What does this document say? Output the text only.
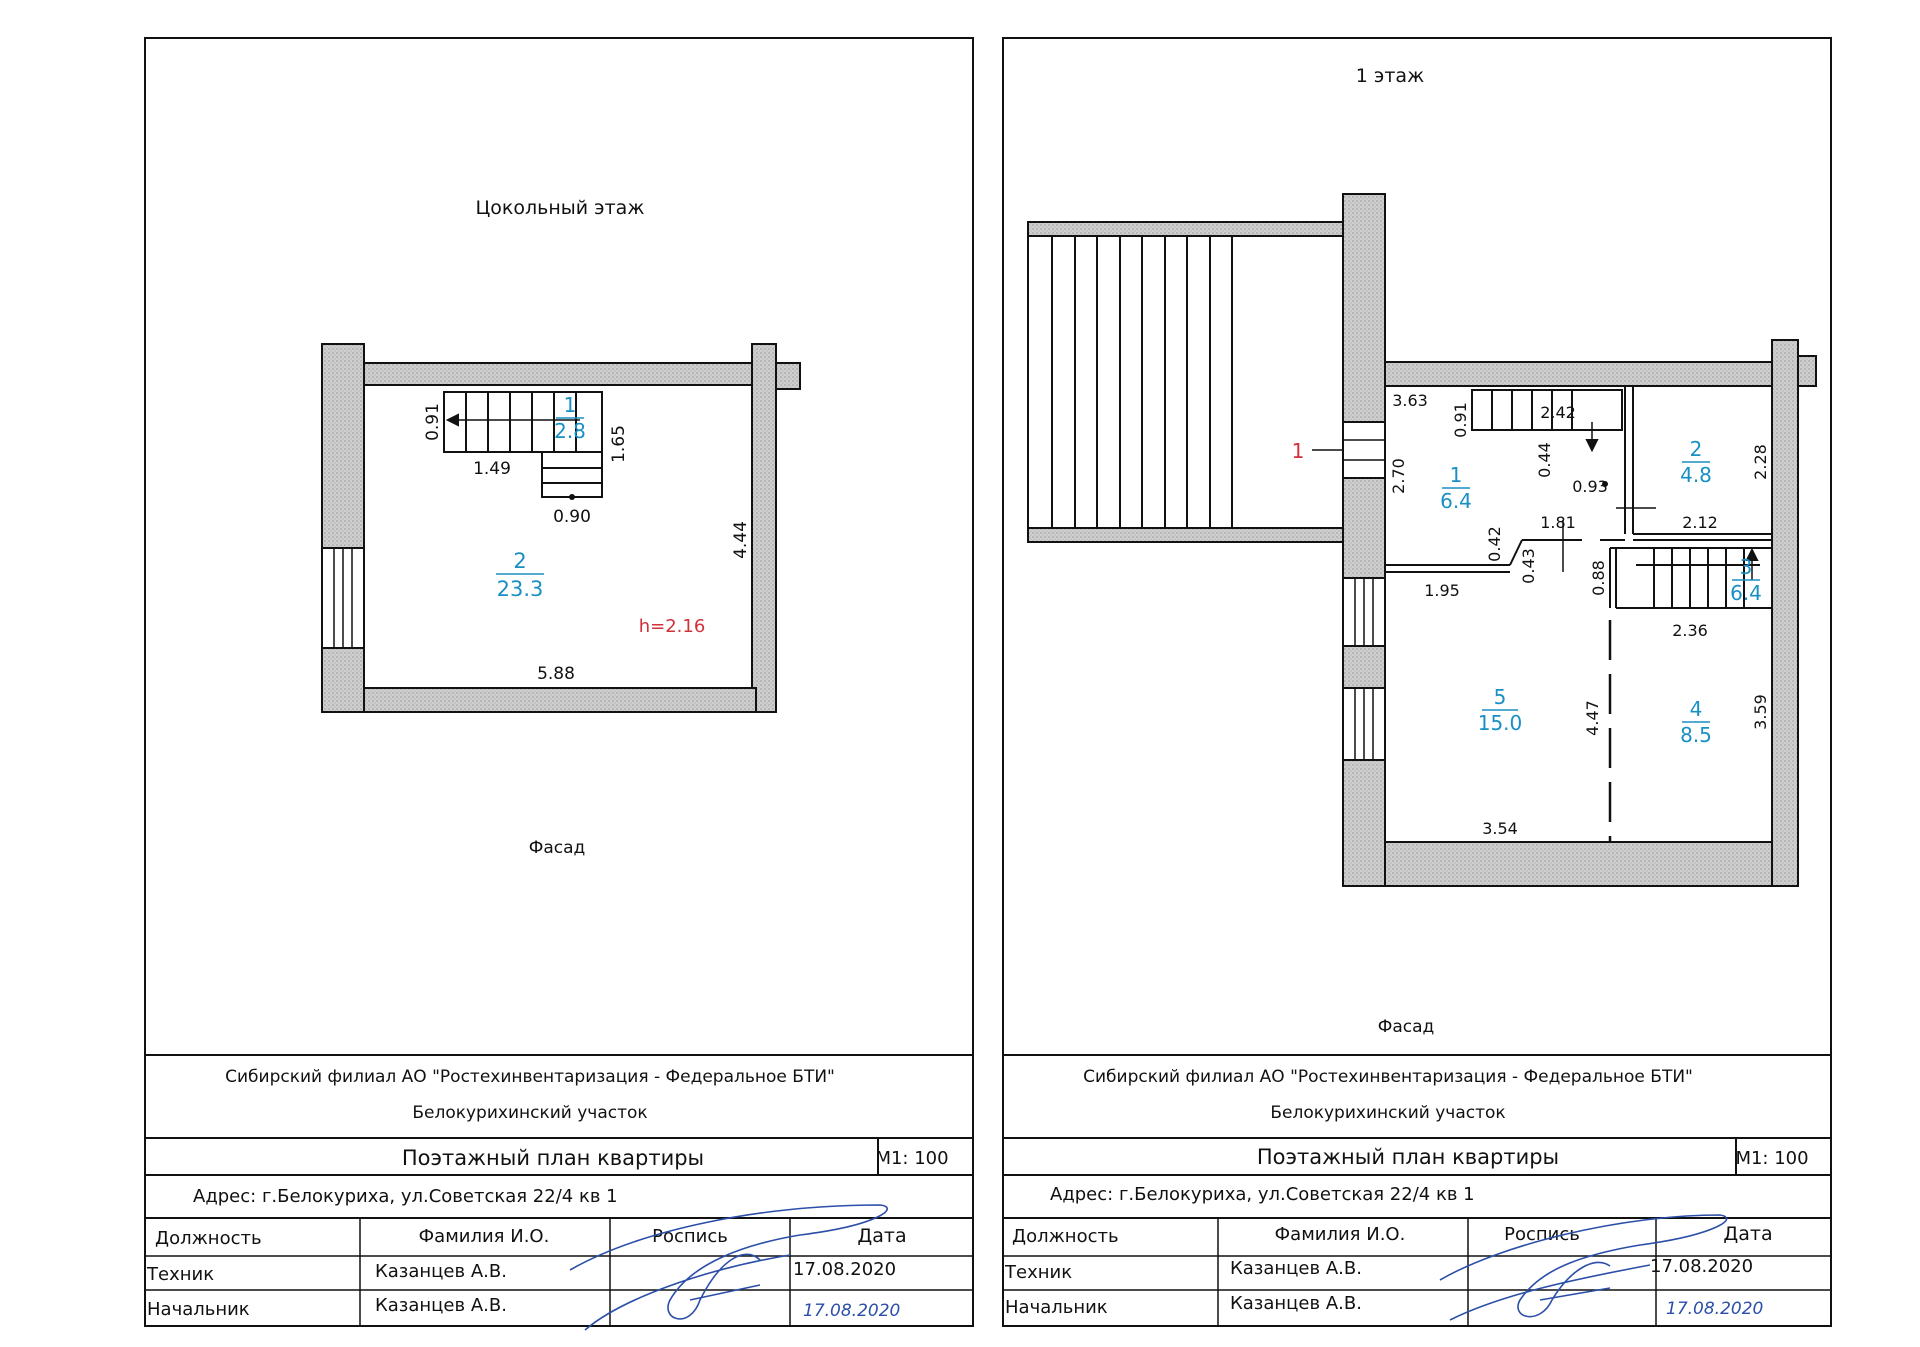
Цокольный этаж
1
2.8
2
23.3
h=2.16
0.91
1.49
1.65
0.90
4.44
5.88
Фасад
Сибирский филиал АО "Ростехинвентаризация - Федеральное БТИ"
Белокурихинский участок
Поэтажный план квартиры	М1: 100
Адрес: г.Белокуриха, ул.Советская 22/4 кв 1
Должность	Фамилия И.О.	Роспись	Дата
Техник	Казанцев А.В.	17.08.2020
Начальник	Казанцев А.В.	17.08.2020
1 этаж
1
1
6.4
2
4.8
3
6.4
4
8.5
5
15.0
3.63
0.91	2.42
2.28
0.44
0.93
2.70
1.81	2.12
0.42
0.43	0.88
1.95
2.36
4.47	3.59
3.54
Фасад
Сибирский филиал АО "Ростехинвентаризация - Федеральное БТИ"
Белокурихинский участок
Поэтажный план квартиры	М1: 100
Адрес: г.Белокуриха, ул.Советская 22/4 кв 1
Должность	Фамилия И.О.	Роспись	Дата
Техник	Казанцев А.В.	17.08.2020
Начальник	Казанцев А.В.	17.08.2020
